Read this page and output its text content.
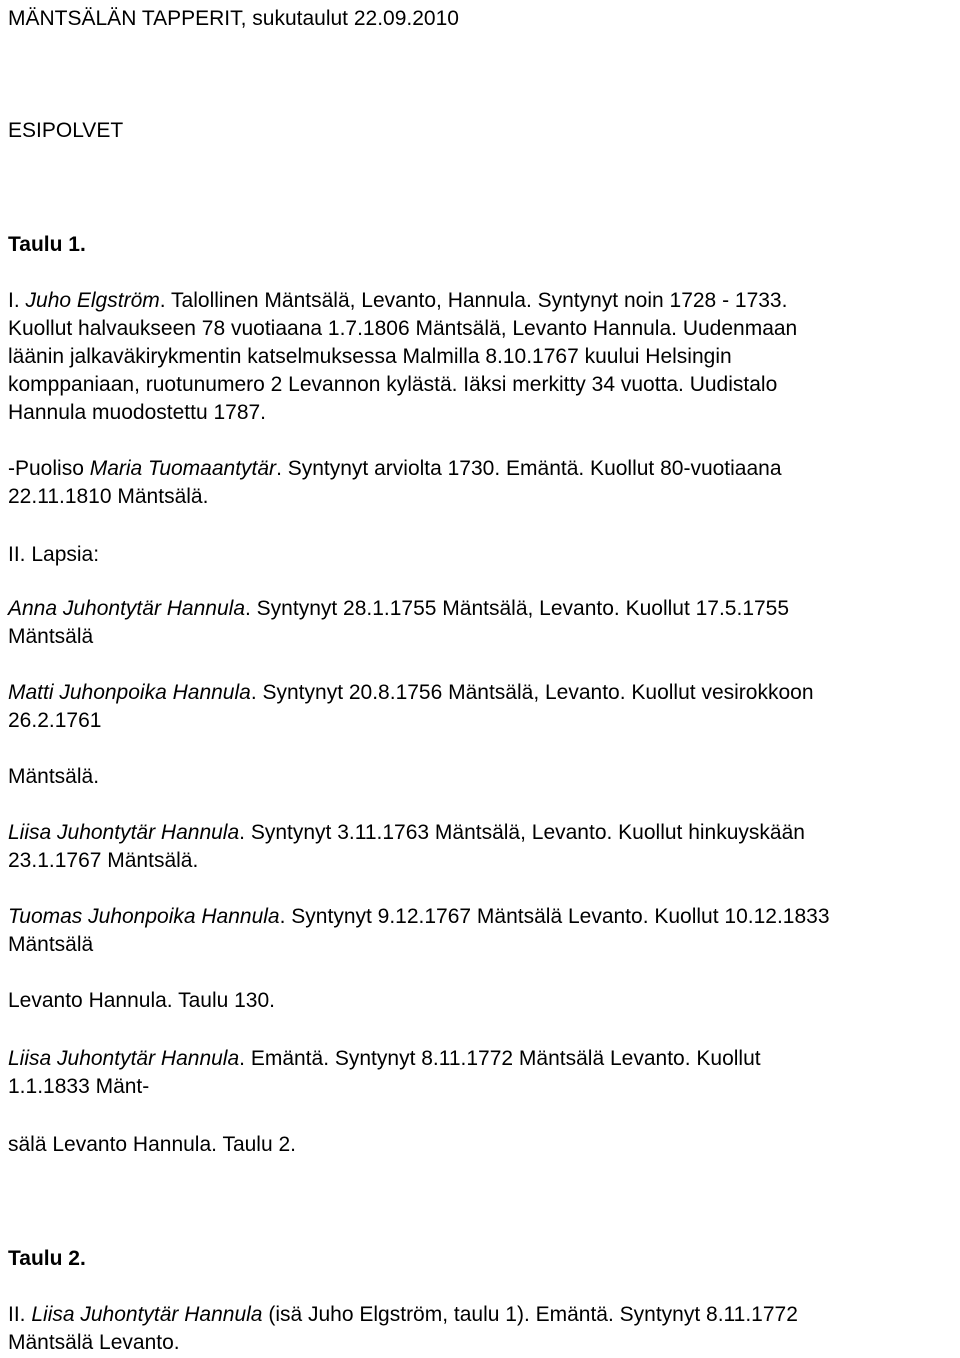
MÄNTSÄLÄN TAPPERIT, sukutaulut 22.09.2010
ESIPOLVET
Taulu 1.
I. Juho Elgström. Talollinen Mäntsälä, Levanto, Hannula. Syntynyt noin 1728 - 1733.
Kuollut halvaukseen 78 vuotiaana 1.7.1806 Mäntsälä, Levanto Hannula. Uudenmaan
läänin jalkaväkirykmentin katselmuksessa Malmilla 8.10.1767 kuului Helsingin
komppaniaan, ruotunumero 2 Levannon kylästä. Iäksi merkitty 34 vuotta. Uudistalo
Hannula muodostettu 1787.
-Puoliso Maria Tuomaantytär. Syntynyt arviolta 1730. Emäntä. Kuollut 80-vuotiaana
22.11.1810 Mäntsälä.
II. Lapsia:
Anna Juhontytär Hannula. Syntynyt 28.1.1755 Mäntsälä, Levanto. Kuollut 17.5.1755
Mäntsälä
Matti Juhonpoika Hannula. Syntynyt 20.8.1756 Mäntsälä, Levanto. Kuollut vesirokkoon
26.2.1761
Mäntsälä.
Liisa Juhontytär Hannula. Syntynyt 3.11.1763 Mäntsälä, Levanto. Kuollut hinkuyskään
23.1.1767 Mäntsälä.
Tuomas Juhonpoika Hannula. Syntynyt 9.12.1767 Mäntsälä Levanto. Kuollut 10.12.1833
Mäntsälä
Levanto Hannula. Taulu 130.
Liisa Juhontytär Hannula. Emäntä. Syntynyt 8.11.1772 Mäntsälä Levanto. Kuollut
1.1.1833 Mänt-
sälä Levanto Hannula. Taulu 2.
Taulu 2.
II. Liisa Juhontytär Hannula (isä Juho Elgström, taulu 1). Emäntä. Syntynyt 8.11.1772
Mäntsälä Levanto.
